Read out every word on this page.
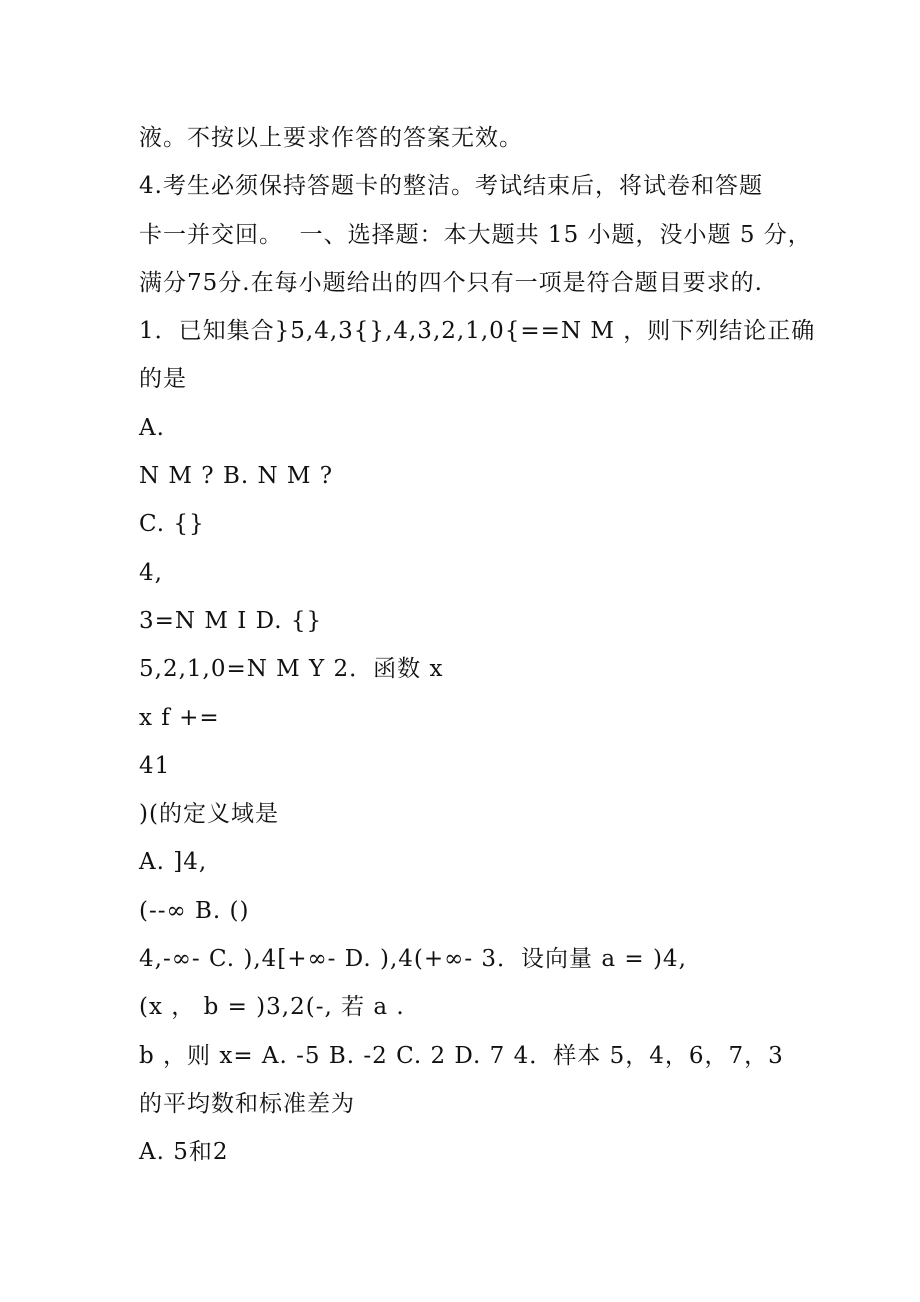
液。不按以上要求作答的答案无效。
4.考生必须保持答题卡的整洁。考试结束后，将试卷和答题
卡一并交回。  一、选择题：本大题共 15 小题，没小题 5 分，
满分75分.在每小题给出的四个只有一项是符合题目要求的.
1．已知集合}5,4,3{},4,3,2,1,0{==N M ，则下列结论正确
的是
A.
N M ? B. N M ?
C. {}
4,
3=N M I D. {}
5,2,1,0=N M Y 2．函数 x
x f +=
41
)(的定义域是
A. ]4,
(--∞ B. ()
4,-∞- C. ),4[+∞- D. ),4(+∞- 3．设向量 a = )4,
(x ， b = )3,2(-, 若 a .
b ，则 x= A. -5 B. -2 C. 2 D. 7 4．样本 5，4，6，7，3
的平均数和标准差为
A. 5和2
